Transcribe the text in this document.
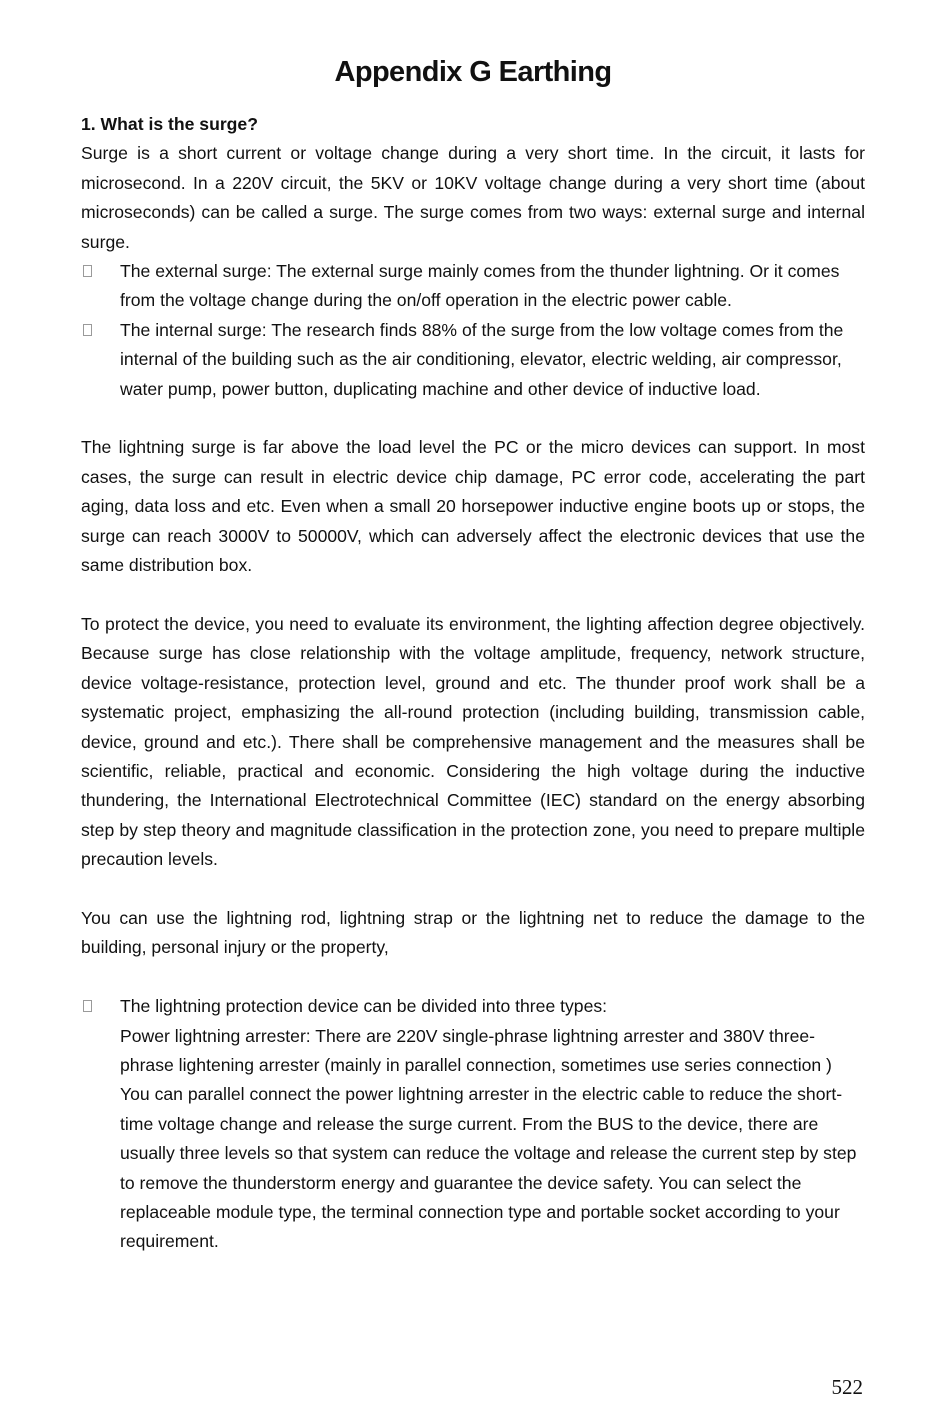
Appendix G Earthing
1. What is the surge?

Surge is a short current or voltage change during a very short time. In the circuit, it lasts for microsecond. In a 220V circuit, the 5KV or 10KV voltage change during a very short time (about microseconds) can be called a surge. The surge comes from two ways: external surge and internal surge.

The external surge: The external surge mainly comes from the thunder lightning. Or it comes from the voltage change during the on/off operation in the electric power cable.
The internal surge: The research finds 88% of the surge from the low voltage comes from the internal of the building such as the air conditioning, elevator, electric welding, air compressor, water pump, power button, duplicating machine and other device of inductive load.

The lightning surge is far above the load level the PC or the micro devices can support. In most cases, the surge can result in electric device chip damage, PC error code, accelerating the part aging, data loss and etc. Even when a small 20 horsepower inductive engine boots up or stops, the surge can reach 3000V to 50000V, which can adversely affect the electronic devices that use the same distribution box.

To protect the device, you need to evaluate its environment, the lighting affection degree objectively. Because surge has close relationship with the voltage amplitude, frequency, network structure, device voltage-resistance, protection level, ground and etc. The thunder proof work shall be a systematic project, emphasizing the all-round protection (including building, transmission cable, device, ground and etc.). There shall be comprehensive management and the measures shall be scientific, reliable, practical and economic. Considering the high voltage during the inductive thundering, the International Electrotechnical Committee (IEC) standard on the energy absorbing step by step theory and magnitude classification in the protection zone, you need to prepare multiple precaution levels.

You can use the lightning rod, lightning strap or the lightning net to reduce the damage to the building, personal injury or the property,

The lightning protection device can be divided into three types:
Power lightning arrester: There are 220V single-phrase lightning arrester and 380V three-phrase lightening arrester (mainly in parallel connection, sometimes use series connection ) You can parallel connect the power lightning arrester in the electric cable to reduce the short-time voltage change and release the surge current. From the BUS to the device, there are usually three levels so that system can reduce the voltage and release the current step by step to remove the thunderstorm energy and guarantee the device safety. You can select the replaceable module type, the terminal connection type and portable socket according to your requirement.
522
